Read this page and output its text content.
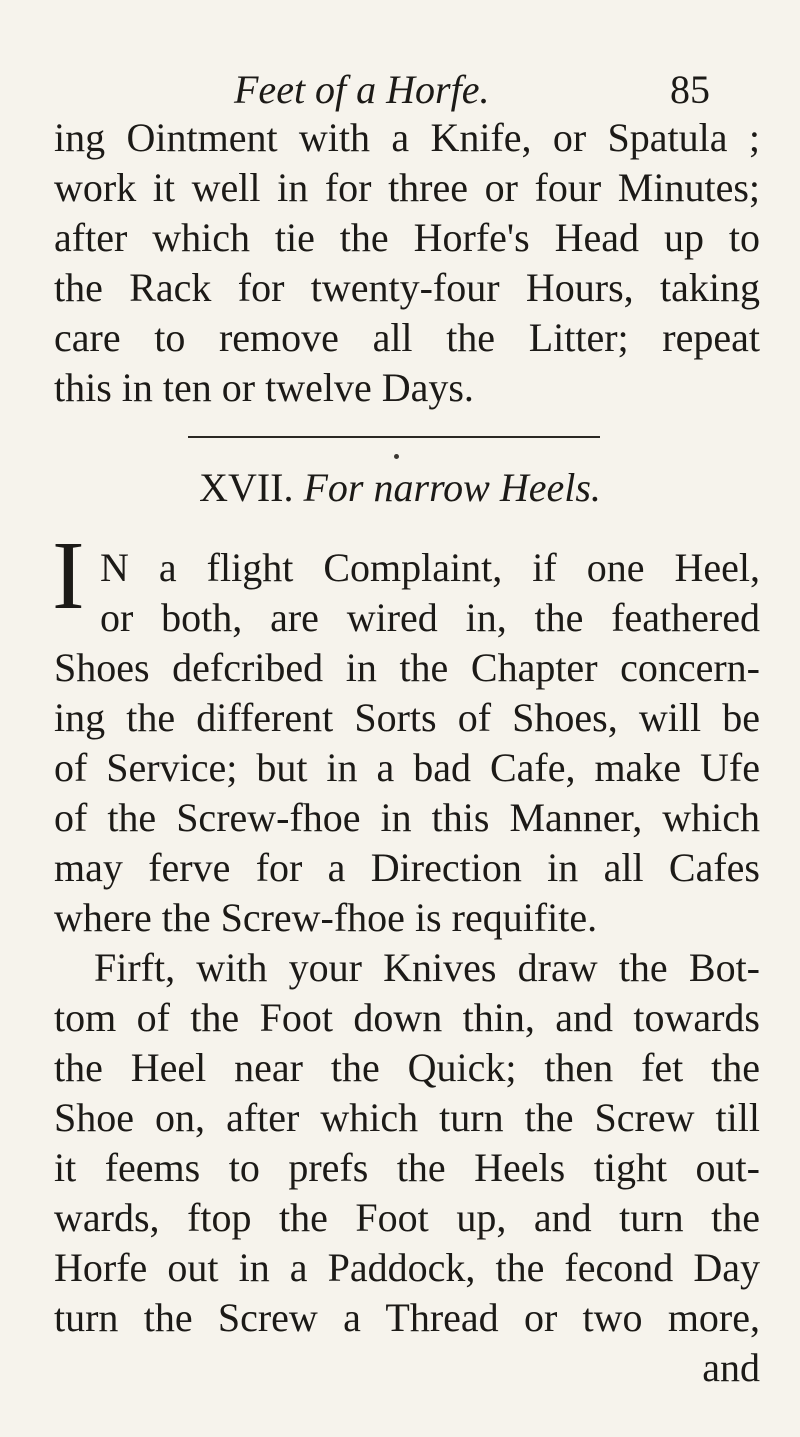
Feet of a Horfe.	85
ing Ointment with a Knife, or Spatula ;
work it well in for three or four Minutes;
after which tie the Horfe's Head up to
the Rack for twenty-four Hours, taking
care to remove all the Litter; repeat
this in ten or twelve Days.
XVII. For narrow Heels.
I N a flight Complaint, if one Heel,
or both, are wired in, the feathered
Shoes defcribed in the Chapter concern-
ing the different Sorts of Shoes, will be
of Service; but in a bad Cafe, make Ufe
of the Screw-fhoe in this Manner, which
may ferve for a Direction in all Cafes
where the Screw-fhoe is requifite.
Firft, with your Knives draw the Bot-
tom of the Foot down thin, and towards
the Heel near the Quick; then fet the
Shoe on, after which turn the Screw till
it feems to prefs the Heels tight out-
wards, ftop the Foot up, and turn the
Horfe out in a Paddock, the fecond Day
turn the Screw a Thread or two more,
and
